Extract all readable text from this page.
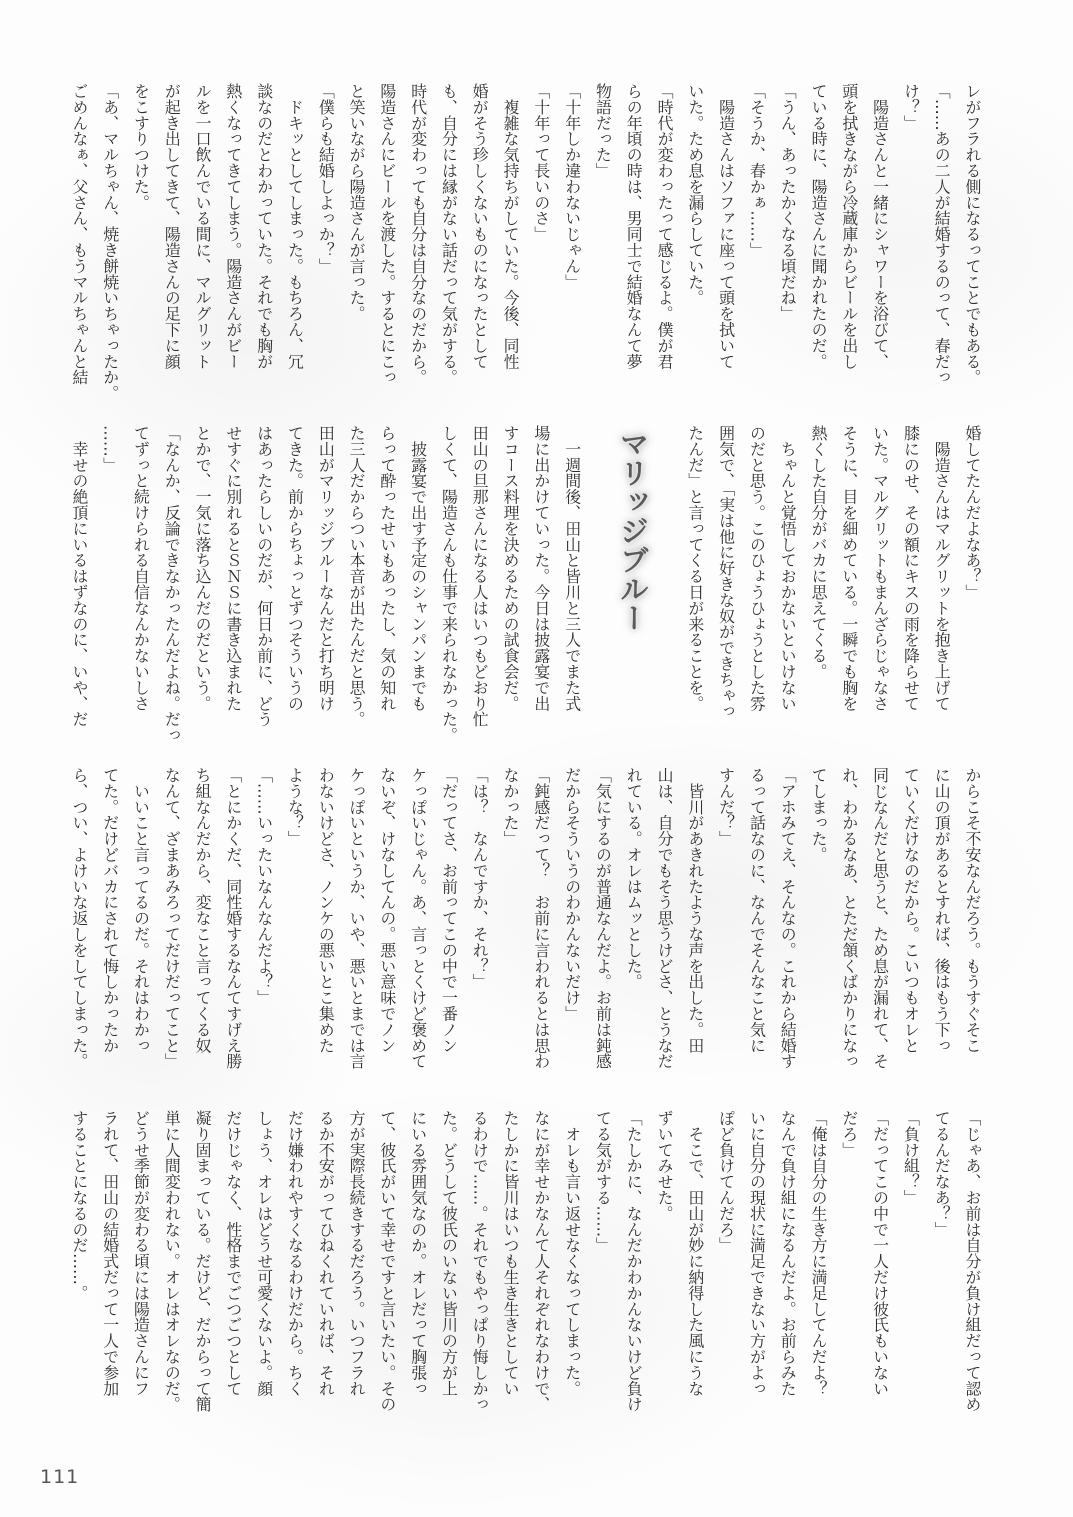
レがフラれる側になるってことでもある。
「……あの二人が結婚するのって、春だっ
け？」
　陽造さんと一緒にシャワーを浴びて、
頭を拭きながら冷蔵庫からビールを出し
ている時に、陽造さんに聞かれたのだ。
「うん、あったかくなる頃だね」
「そうか、春かぁ……」
　陽造さんはソファに座って頭を拭いて
いた。ため息を漏らしていた。
「時代が変わったって感じるよ。僕が君
らの年頃の時は、男同士で結婚なんて夢
物語だった」
「十年しか違わないじゃん」
「十年って長いのさ」
　複雑な気持ちがしていた。今後、同性
婚がそう珍しくないものになったとして
も、自分には縁がない話だって気がする。
時代が変わっても自分は自分なのだから。
陽造さんにビールを渡した。するとにこっ
と笑いながら陽造さんが言った。
「僕らも結婚しよっか？」
　ドキッとしてしまった。もちろん、冗
談なのだとわかっていた。それでも胸が
熱くなってきてしまう。陽造さんがビー
ルを一口飲んでいる間に、マルグリット
が起き出してきて、陽造さんの足下に顔
をこすりつけた。
「あ、マルちゃん、焼き餅焼いちゃったか。
ごめんなぁ、父さん、もうマルちゃんと結
婚してたんだよなあ？」
　陽造さんはマルグリットを抱き上げて
膝にのせ、その額にキスの雨を降らせて
いた。マルグリットもまんざらじゃなさ
そうに、目を細めている。一瞬でも胸を
熱くした自分がバカに思えてくる。
　ちゃんと覚悟しておかないといけない
のだと思う。このひょうひょうとした雰
囲気で、「実は他に好きな奴ができちゃっ
たんだ」と言ってくる日が来ることを。
マリッジブルー
　一週間後、田山と皆川と三人でまた式
場に出かけていった。今日は披露宴で出
すコース料理を決めるための試食会だ。
田山の旦那さんになる人はいつもどおり忙
しくて、陽造さんも仕事で来られなかった。
　披露宴で出す予定のシャンパンまでも
らって酔ったせいもあったし、気の知れ
た三人だからつい本音が出たんだと思う。
田山がマリッジブルーなんだと打ち明け
てきた。前からちょっとずつそういうの
はあったらしいのだが、何日か前に、どう
せすぐに別れるとＳＮＳに書き込まれた
とかで、一気に落ち込んだのだという。
「なんか、反論できなかったんだよね。だっ
てずっと続けられる自信なんかないしさ
……」
　幸せの絶頂にいるはずなのに、いや、だ
からこそ不安なんだろう。もうすぐそこ
に山の頂があるとすれば、後はもう下っ
ていくだけなのだから。こいつもオレと
同じなんだと思うと、ため息が漏れて、そ
れ、わかるなあ、とただ頷くばかりになっ
てしまった。
「アホみてえ、そんなの。これから結婚す
るって話なのに、なんでそんなこと気に
すんだ？」
　皆川があきれたような声を出した。田
山は、自分でもそう思うけどさ、とうなだ
れている。オレはムッとした。
「気にするのが普通なんだよ。お前は鈍感
だからそういうのわかんないだけ」
「鈍感だって？　お前に言われるとは思わ
なかった」
「は？　なんですか、それ？」
「だってさ、お前ってこの中で一番ノン
ケっぽいじゃん。あ、言っとくけど褒めて
ないぞ、けなしてんの。悪い意味でノン
ケっぽいというか、いや、悪いとまでは言
わないけどさ、ノンケの悪いとこ集めた
ような？」
「……いったいなんなんだよ？」
「とにかくだ、同性婚するなんてすげえ勝
ち組なんだから、変なこと言ってくる奴
なんて、ざまあみろってだけだってこと」
　いいこと言ってるのだ。それはわかっ
てた。だけどバカにされて悔しかったか
ら、つい、よけいな返しをしてしまった。
「じゃあ、お前は自分が負け組だって認め
てるんだなあ？」
「負け組？」
「だってこの中で一人だけ彼氏もいない
だろ」
「俺は自分の生き方に満足してんだよ？
なんで負け組になるんだよ。お前らみた
いに自分の現状に満足できない方がよっ
ぽど負けてんだろ」
　そこで、田山が妙に納得した風にうな
ずいてみせた。
「たしかに、なんだかわかんないけど負け
てる気がする……」
　オレも言い返せなくなってしまった。
なにが幸せかなんて人それぞれなわけで、
たしかに皆川はいつも生き生きとしてい
るわけで……。それでもやっぱり悔しかっ
た。どうして彼氏のいない皆川の方が上
にいる雰囲気なのか。オレだって胸張っ
て、彼氏がいて幸せですと言いたい。その
方が実際長続きするだろう。いつフラれ
るか不安がってひねくれていれば、それ
だけ嫌われやすくなるわけだから。ちく
しょう、オレはどうせ可愛くないよ。顔
だけじゃなく、性格までごつごつとして
凝り固まっている。だけど、だからって簡
単に人間変われない。オレはオレなのだ。
どうせ季節が変わる頃には陽造さんにフ
ラれて、田山の結婚式だって一人で参加
することになるのだ……。
111
